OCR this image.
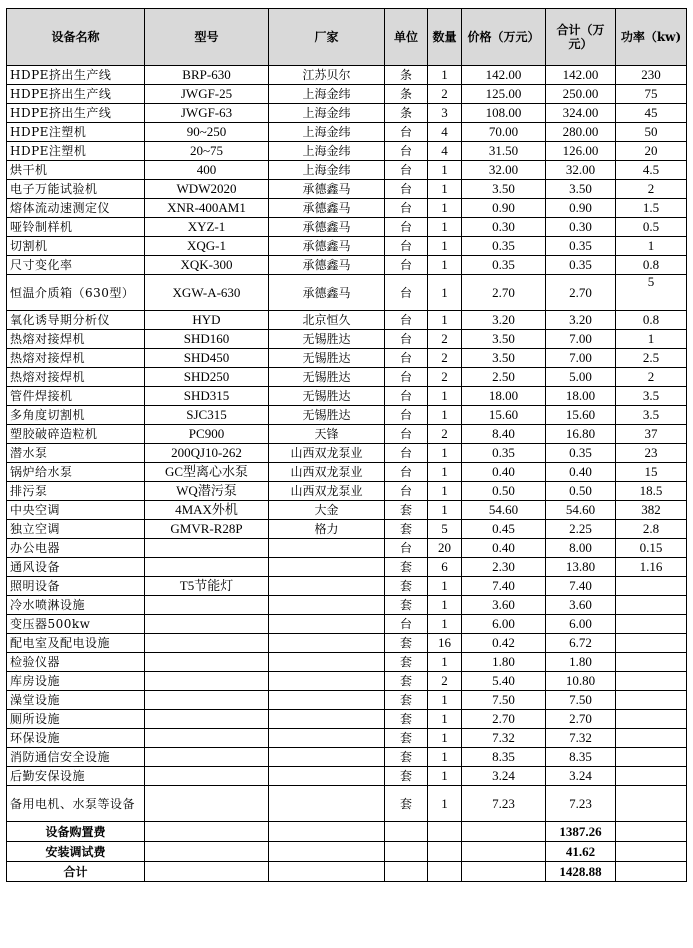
设备名称	型号	厂家	单位	数量	价格（万元）	合计（万元）	功率（kw)
HDPE挤出生产线	BRP-630	江苏贝尔	条	1	142.00	142.00	230
HDPE挤出生产线	JWGF-25	上海金纬	条	2	125.00	250.00	75
HDPE挤出生产线	JWGF-63	上海金纬	条	3	108.00	324.00	45
HDPE注塑机	90~250	上海金纬	台	4	70.00	280.00	50
HDPE注塑机	20~75	上海金纬	台	4	31.50	126.00	20
烘干机	400	上海金纬	台	1	32.00	32.00	4.5
电子万能试验机	WDW2020	承德鑫马	台	1	3.50	3.50	2
熔体流动速测定仪	XNR-400AM1	承德鑫马	台	1	0.90	0.90	1.5
哑铃制样机	XYZ-1	承德鑫马	台	1	0.30	0.30	0.5
切割机	XQG-1	承德鑫马	台	1	0.35	0.35	1
尺寸变化率	XQK-300	承德鑫马	台	1	0.35	0.35	0.8
恒温介质箱（630型）	XGW-A-630	承德鑫马	台	1	2.70	2.70	5
氧化诱导期分析仪	HYD	北京恒久	台	1	3.20	3.20	0.8
热熔对接焊机	SHD160	无锡胜达	台	2	3.50	7.00	1
热熔对接焊机	SHD450	无锡胜达	台	2	3.50	7.00	2.5
热熔对接焊机	SHD250	无锡胜达	台	2	2.50	5.00	2
管件焊接机	SHD315	无锡胜达	台	1	18.00	18.00	3.5
多角度切割机	SJC315	无锡胜达	台	1	15.60	15.60	3.5
塑胶破碎造粒机	PC900	天锋	台	2	8.40	16.80	37
潜水泵	200QJ10-262	山西双龙泵业	台	1	0.35	0.35	23
锅炉给水泵	GC型离心水泵	山西双龙泵业	台	1	0.40	0.40	15
排污泵	WQ潜污泵	山西双龙泵业	台	1	0.50	0.50	18.5
中央空调	4MAX外机	大金	套	1	54.60	54.60	382
独立空调	GMVR-R28P	格力	套	5	0.45	2.25	2.8
办公电器			台	20	0.40	8.00	0.15
通风设备			套	6	2.30	13.80	1.16
照明设备	T5节能灯		套	1	7.40	7.40	
冷水喷淋设施			套	1	3.60	3.60	
变压器500kw			台	1	6.00	6.00	
配电室及配电设施			套	16	0.42	6.72	
检验仪器			套	1	1.80	1.80	
库房设施			套	2	5.40	10.80	
澡堂设施			套	1	7.50	7.50	
厕所设施			套	1	2.70	2.70	
环保设施			套	1	7.32	7.32	
消防通信安全设施			套	1	8.35	8.35	
后勤安保设施			套	1	3.24	3.24	
备用电机、水泵等设备			套	1	7.23	7.23	
设备购置费						1387.26	
安装调试费						41.62	
合计						1428.88	
